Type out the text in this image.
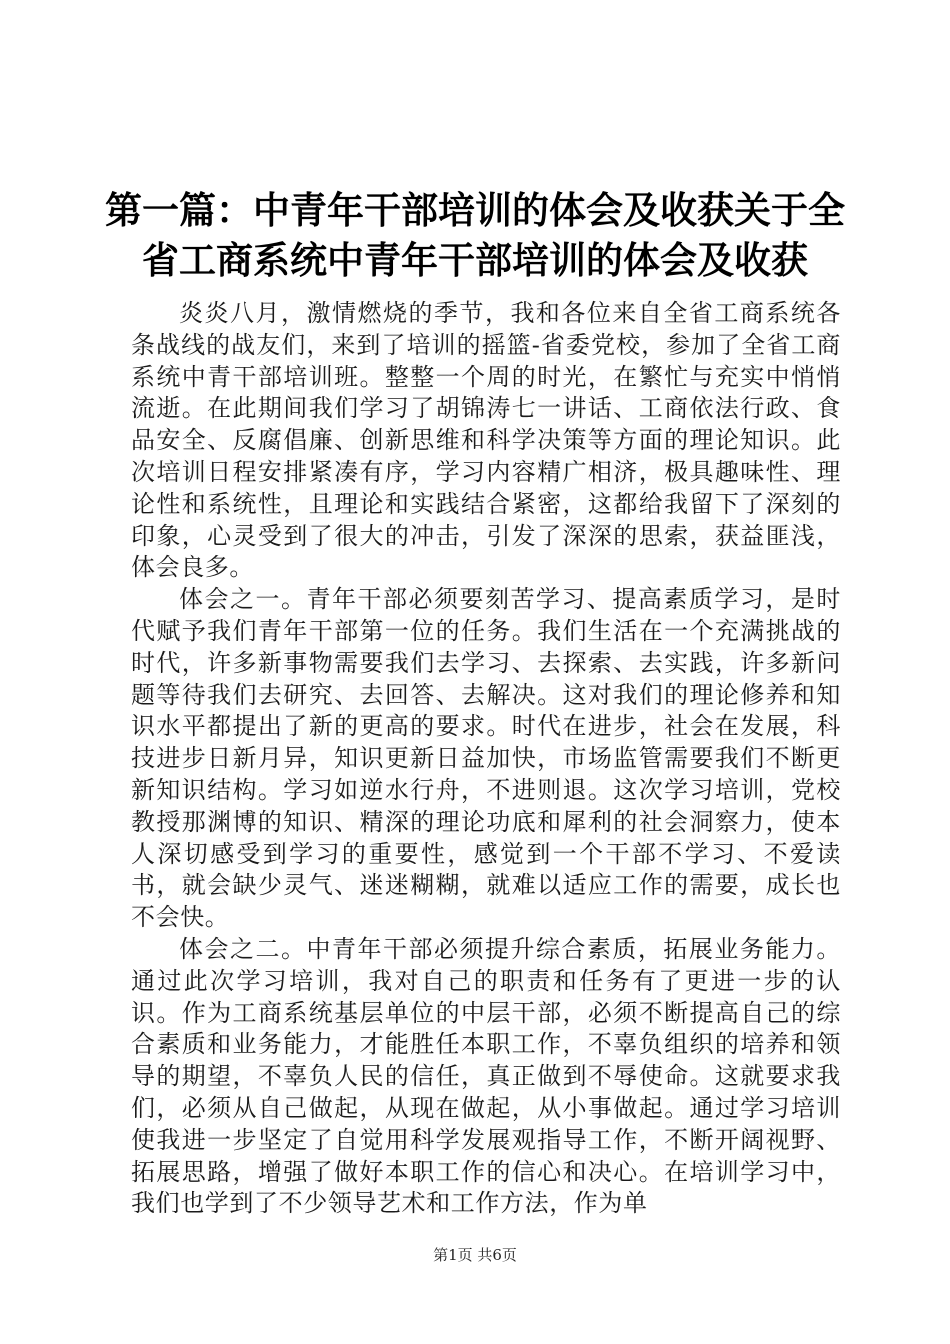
第一篇：中青年干部培训的体会及收获关于全
省工商系统中青年干部培训的体会及收获

炎炎八月，激情燃烧的季节，我和各位来自全省工商系统各条战线的战友们，来到了培训的摇篮-省委党校，参加了全省工商系统中青干部培训班。整整一个周的时光，在繁忙与充实中悄悄流逝。在此期间我们学习了胡锦涛七一讲话、工商依法行政、食品安全、反腐倡廉、创新思维和科学决策等方面的理论知识。此次培训日程安排紧凑有序，学习内容精广相济，极具趣味性、理论性和系统性，且理论和实践结合紧密，这都给我留下了深刻的印象，心灵受到了很大的冲击，引发了深深的思索，获益匪浅，体会良多。

体会之一。青年干部必须要刻苦学习、提高素质学习，是时代赋予我们青年干部第一位的任务。我们生活在一个充满挑战的时代，许多新事物需要我们去学习、去探索、去实践，许多新问题等待我们去研究、去回答、去解决。这对我们的理论修养和知识水平都提出了新的更高的要求。时代在进步，社会在发展，科技进步日新月异，知识更新日益加快，市场监管需要我们不断更新知识结构。学习如逆水行舟，不进则退。这次学习培训，党校教授那渊博的知识、精深的理论功底和犀利的社会洞察力，使本人深切感受到学习的重要性，感觉到一个干部不学习、不爱读书，就会缺少灵气、迷迷糊糊，就难以适应工作的需要，成长也不会快。

体会之二。中青年干部必须提升综合素质，拓展业务能力。通过此次学习培训，我对自己的职责和任务有了更进一步的认识。作为工商系统基层单位的中层干部，必须不断提高自己的综合素质和业务能力，才能胜任本职工作，不辜负组织的培养和领导的期望，不辜负人民的信任，真正做到不辱使命。这就要求我们，必须从自己做起，从现在做起，从小事做起。通过学习培训使我进一步坚定了自觉用科学发展观指导工作，不断开阔视野、拓展思路，增强了做好本职工作的信心和决心。在培训学习中，我们也学到了不少领导艺术和工作方法，作为单

第1页 共6页
